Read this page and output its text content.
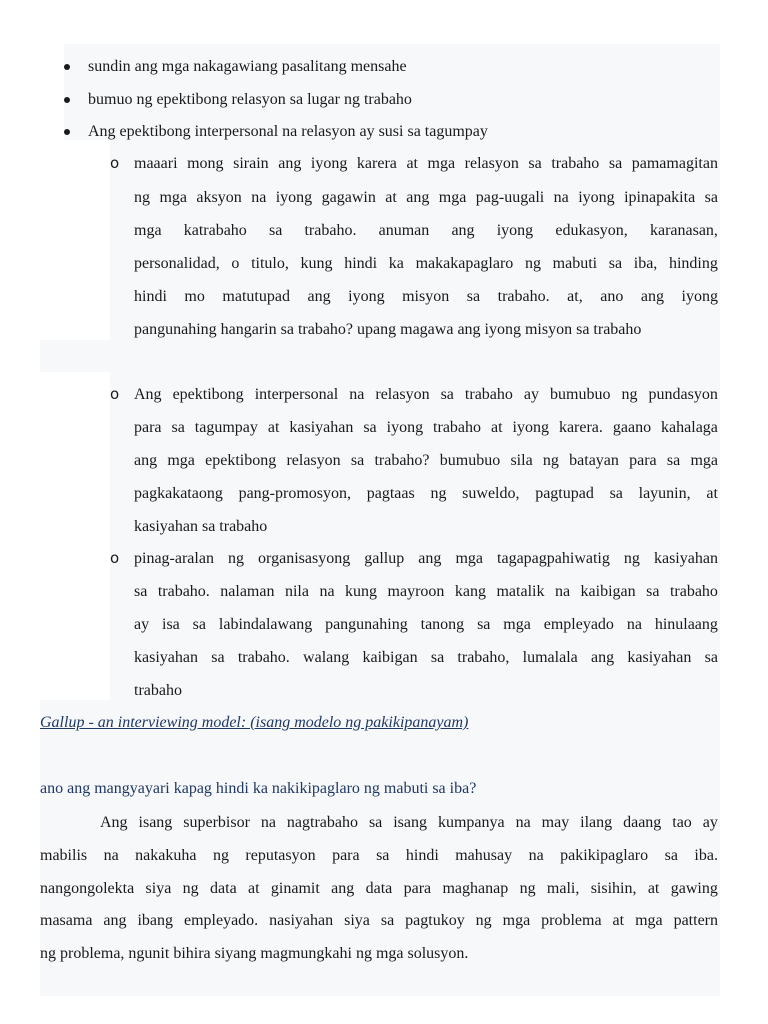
sundin ang mga nakagawiang pasalitang mensahe
bumuo ng epektibong relasyon sa lugar ng trabaho
Ang epektibong interpersonal na relasyon ay susi sa tagumpay
o maaari mong sirain ang iyong karera at mga relasyon sa trabaho sa pamamagitan
ng mga aksyon na iyong gagawin at ang mga pag-uugali na iyong ipinapakita sa
mga katrabaho sa trabaho. anuman ang iyong edukasyon, karanasan,
personalidad, o titulo, kung hindi ka makakapaglaro ng mabuti sa iba, hinding
hindi mo matutupad ang iyong misyon sa trabaho. at, ano ang iyong
pangunahing hangarin sa trabaho? upang magawa ang iyong misyon sa trabaho
o Ang epektibong interpersonal na relasyon sa trabaho ay bumubuo ng pundasyon
para sa tagumpay at kasiyahan sa iyong trabaho at iyong karera. gaano kahalaga
ang mga epektibong relasyon sa trabaho? bumubuo sila ng batayan para sa mga
pagkakataong pang-promosyon, pagtaas ng suweldo, pagtupad sa layunin, at
kasiyahan sa trabaho
o pinag-aralan ng organisasyong gallup ang mga tagapagpahiwatig ng kasiyahan
sa trabaho. nalaman nila na kung mayroon kang matalik na kaibigan sa trabaho
ay isa sa labindalawang pangunahing tanong sa mga empleyado na hinulaang
kasiyahan sa trabaho. walang kaibigan sa trabaho, lumalala ang kasiyahan sa
trabaho
Gallup - an interviewing model: (isang modelo ng pakikipanayam)
ano ang mangyayari kapag hindi ka nakikipaglaro ng mabuti sa iba?
Ang isang superbisor na nagtrabaho sa isang kumpanya na may ilang daang tao ay
mabilis na nakakuha ng reputasyon para sa hindi mahusay na pakikipaglaro sa iba.
nangongolekta siya ng data at ginamit ang data para maghanap ng mali, sisihin, at gawing
masama ang ibang empleyado. nasiyahan siya sa pagtukoy ng mga problema at mga pattern
ng problema, ngunit bihira siyang magmungkahi ng mga solusyon.
